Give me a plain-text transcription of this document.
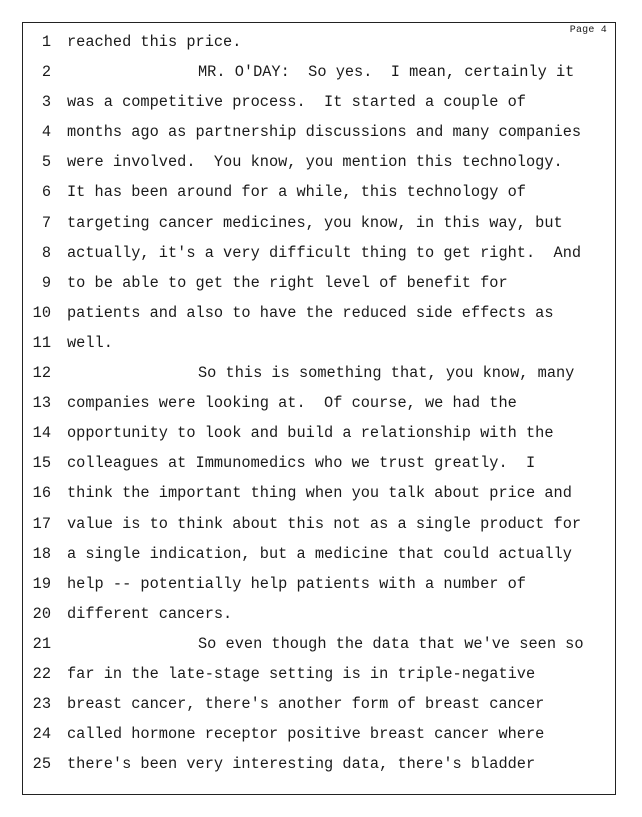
Page 4
1 reached this price.
2	MR. O'DAY:  So yes.  I mean, certainly it
3 was a competitive process.  It started a couple of
4 months ago as partnership discussions and many companies
5 were involved.  You know, you mention this technology.
6 It has been around for a while, this technology of
7 targeting cancer medicines, you know, in this way, but
8 actually, it's a very difficult thing to get right.  And
9 to be able to get the right level of benefit for
10 patients and also to have the reduced side effects as
11 well.
12	So this is something that, you know, many
13 companies were looking at.  Of course, we had the
14 opportunity to look and build a relationship with the
15 colleagues at Immunomedics who we trust greatly.  I
16 think the important thing when you talk about price and
17 value is to think about this not as a single product for
18 a single indication, but a medicine that could actually
19 help -- potentially help patients with a number of
20 different cancers.
21	So even though the data that we've seen so
22 far in the late-stage setting is in triple-negative
23 breast cancer, there's another form of breast cancer
24 called hormone receptor positive breast cancer where
25 there's been very interesting data, there's bladder
